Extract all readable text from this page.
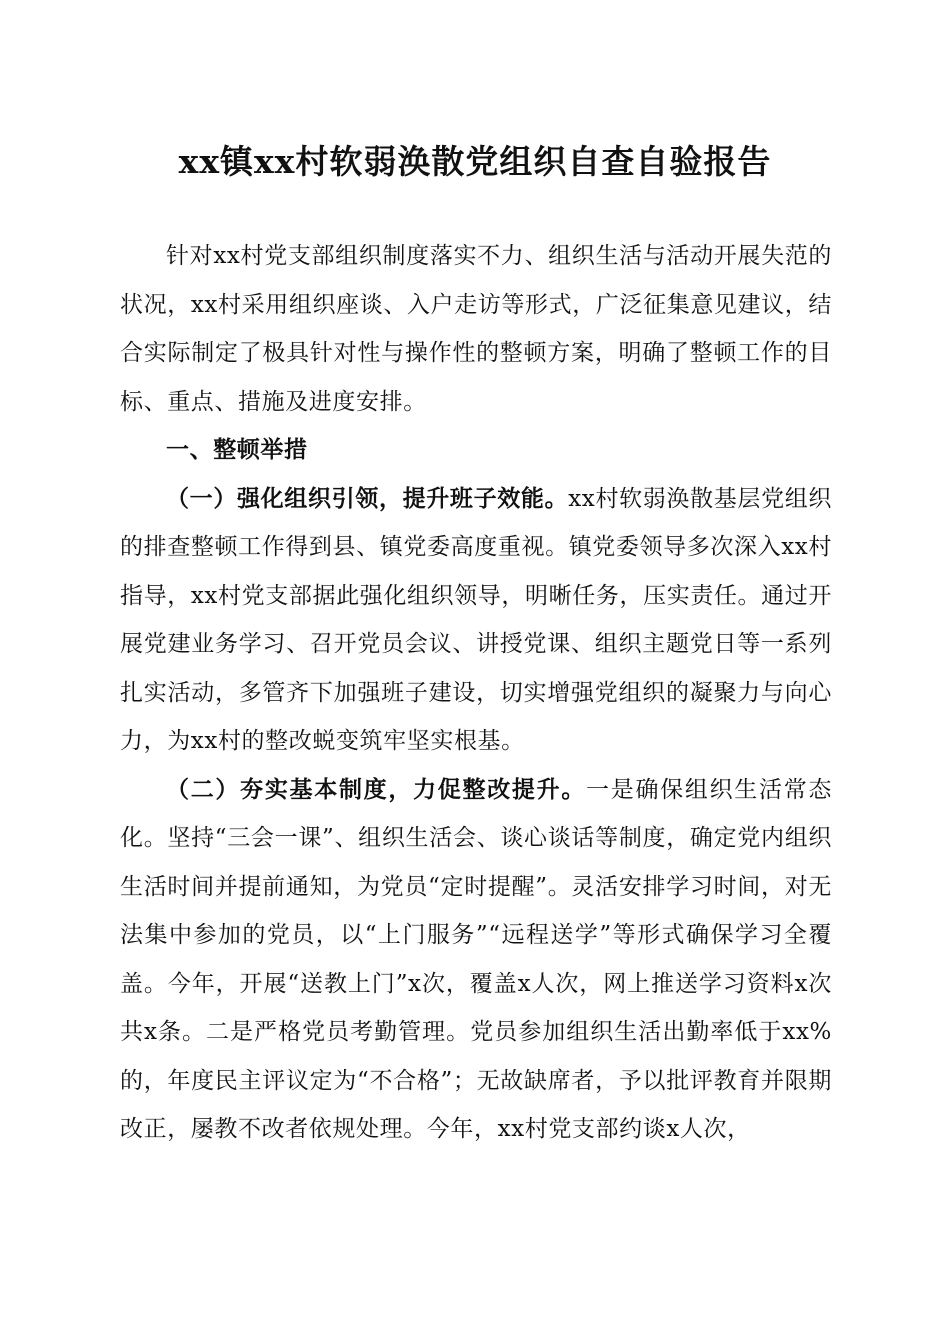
xx镇xx村软弱涣散党组织自查自验报告

针对xx村党支部组织制度落实不力、组织生活与活动开展失范的状况，xx村采用组织座谈、入户走访等形式，广泛征集意见建议，结合实际制定了极具针对性与操作性的整顿方案，明确了整顿工作的目标、重点、措施及进度安排。

一、整顿举措

（一）强化组织引领，提升班子效能。xx村软弱涣散基层党组织的排查整顿工作得到县、镇党委高度重视。镇党委领导多次深入xx村指导，xx村党支部据此强化组织领导，明晰任务，压实责任。通过开展党建业务学习、召开党员会议、讲授党课、组织主题党日等一系列扎实活动，多管齐下加强班子建设，切实增强党组织的凝聚力与向心力，为xx村的整改蜕变筑牢坚实根基。

（二）夯实基本制度，力促整改提升。一是确保组织生活常态化。坚持“三会一课”、组织生活会、谈心谈话等制度，确定党内组织生活时间并提前通知，为党员“定时提醒”。灵活安排学习时间，对无法集中参加的党员，以“上门服务”“远程送学”等形式确保学习全覆盖。今年，开展“送教上门”x次，覆盖x人次，网上推送学习资料x次共x条。二是严格党员考勤管理。党员参加组织生活出勤率低于xx%的，年度民主评议定为“不合格”；无故缺席者，予以批评教育并限期改正，屡教不改者依规处理。今年，xx村党支部约谈x人次，
